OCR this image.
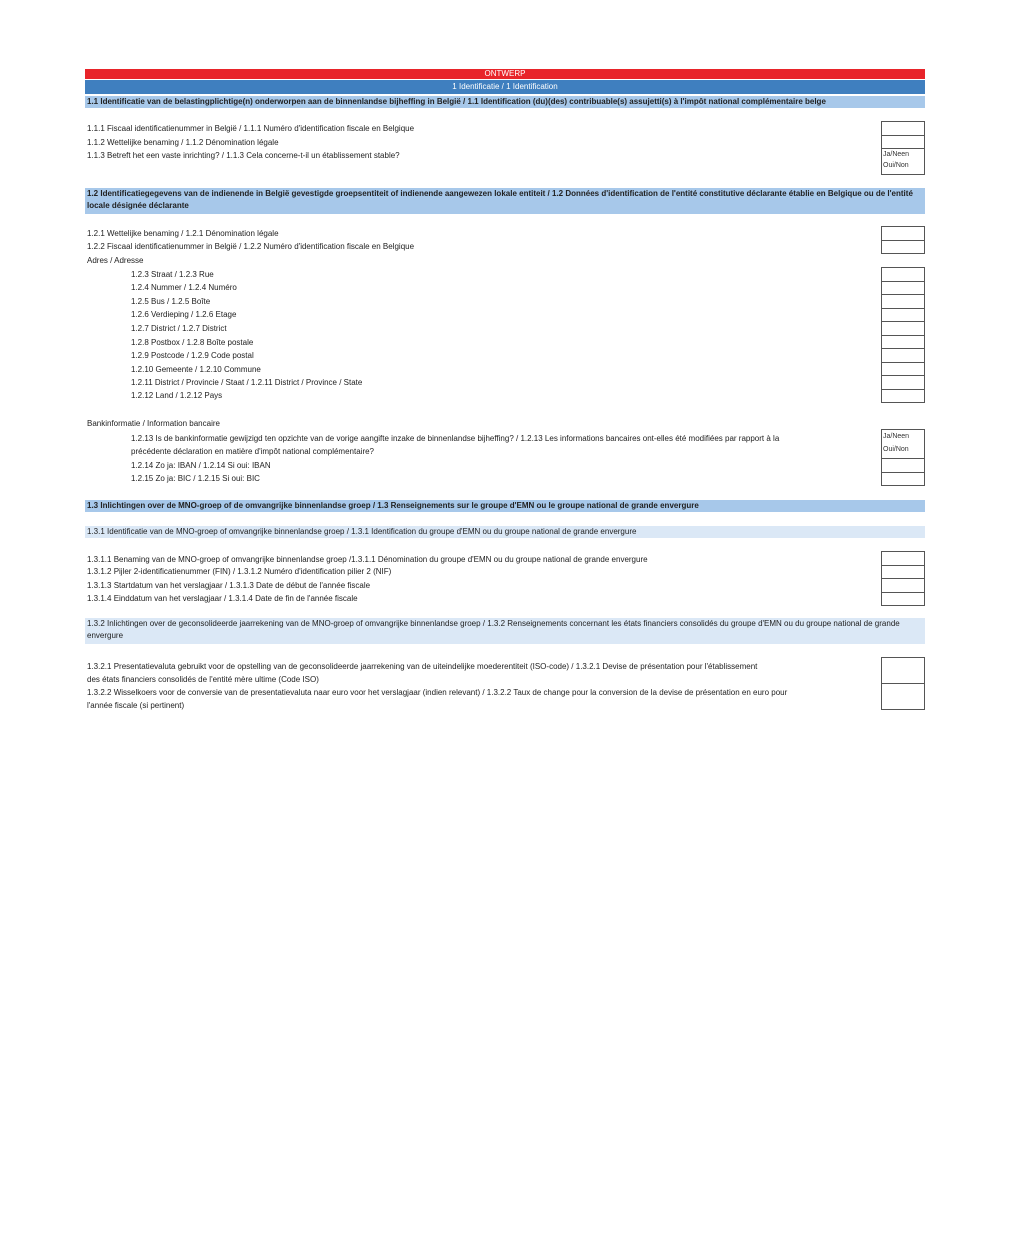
ONTWERP
1 Identificatie / 1 Identification
1.1 Identificatie van de belastingplichtige(n) onderworpen aan de binnenlandse bijheffing in België / 1.1 Identification (du)(des) contribuable(s) assujetti(s) à l'impôt national complémentaire belge
1.1.1 Fiscaal identificatienummer in België / 1.1.1 Numéro d'identification fiscale en Belgique
1.1.2 Wettelijke benaming / 1.1.2 Dénomination légale
1.1.3 Betreft het een vaste inrichting? / 1.1.3 Cela concerne-t-il un établissement stable?	Ja/Neen
Oui/Non
1.2 Identificatiegegevens van de indienende in België gevestigde groepsentiteit of indienende aangewezen lokale entiteit / 1.2 Données d'identification de l'entité constitutive déclarante établie en Belgique ou de l'entité locale désignée déclarante
1.2.1 Wettelijke benaming / 1.2.1 Dénomination légale
1.2.2 Fiscaal identificatienummer in België / 1.2.2 Numéro d'identification fiscale en Belgique
Adres / Adresse
1.2.3 Straat / 1.2.3 Rue
1.2.4 Nummer / 1.2.4 Numéro
1.2.5 Bus / 1.2.5 Boîte
1.2.6 Verdieping / 1.2.6 Etage
1.2.7 District / 1.2.7 District
1.2.8 Postbox / 1.2.8 Boîte postale
1.2.9 Postcode / 1.2.9 Code postal
1.2.10 Gemeente / 1.2.10 Commune
1.2.11 District / Provincie / Staat / 1.2.11 District / Province / State
1.2.12 Land / 1.2.12 Pays
Bankinformatie / Information bancaire
1.2.13 Is de bankinformatie gewijzigd ten opzichte van de vorige aangifte inzake de binnenlandse bijheffing? / 1.2.13 Les informations bancaires ont-elles été modifiées par rapport à la précédente déclaration en matière d'impôt national complémentaire?
1.2.14 Zo ja: IBAN / 1.2.14 Si oui: IBAN
1.2.15 Zo ja: BIC / 1.2.15 Si oui: BIC
Ja/Neen
Oui/Non
1.3 Inlichtingen over de MNO-groep of de omvangrijke binnenlandse groep / 1.3 Renseignements sur le groupe d'EMN ou le groupe national de grande envergure
1.3.1 Identificatie van de MNO-groep of omvangrijke binnenlandse groep / 1.3.1 Identification du groupe d'EMN ou du groupe national de grande envergure
1.3.1.1 Benaming van de MNO-groep of omvangrijke binnenlandse groep /1.3.1.1 Dénomination du groupe d'EMN ou du groupe national de grande envergure
1.3.1.2 Pijler 2-identificatienummer (FIN) / 1.3.1.2 Numéro d'identification pilier 2 (NIF)
1.3.1.3 Startdatum van het verslagjaar / 1.3.1.3 Date de début de l'année fiscale
1.3.1.4 Einddatum van het verslagjaar / 1.3.1.4 Date de fin de l'année fiscale
1.3.2 Inlichtingen over de geconsolideerde jaarrekening van de MNO-groep of omvangrijke binnenlandse groep / 1.3.2 Renseignements concernant les états financiers consolidés du groupe d'EMN ou du groupe national de grande envergure
1.3.2.1 Presentatievaluta gebruikt voor de opstelling van de geconsolideerde jaarrekening van de uiteindelijke moederentiteit (ISO-code) / 1.3.2.1 Devise de présentation pour l'établissement des états financiers consolidés de l'entité mère ultime (Code ISO)
1.3.2.2 Wisselkoers voor de conversie van de presentatievaluta naar euro voor het verslagjaar (indien relevant) / 1.3.2.2 Taux de change pour la conversion de la devise de présentation en euro pour l'année fiscale (si pertinent)
